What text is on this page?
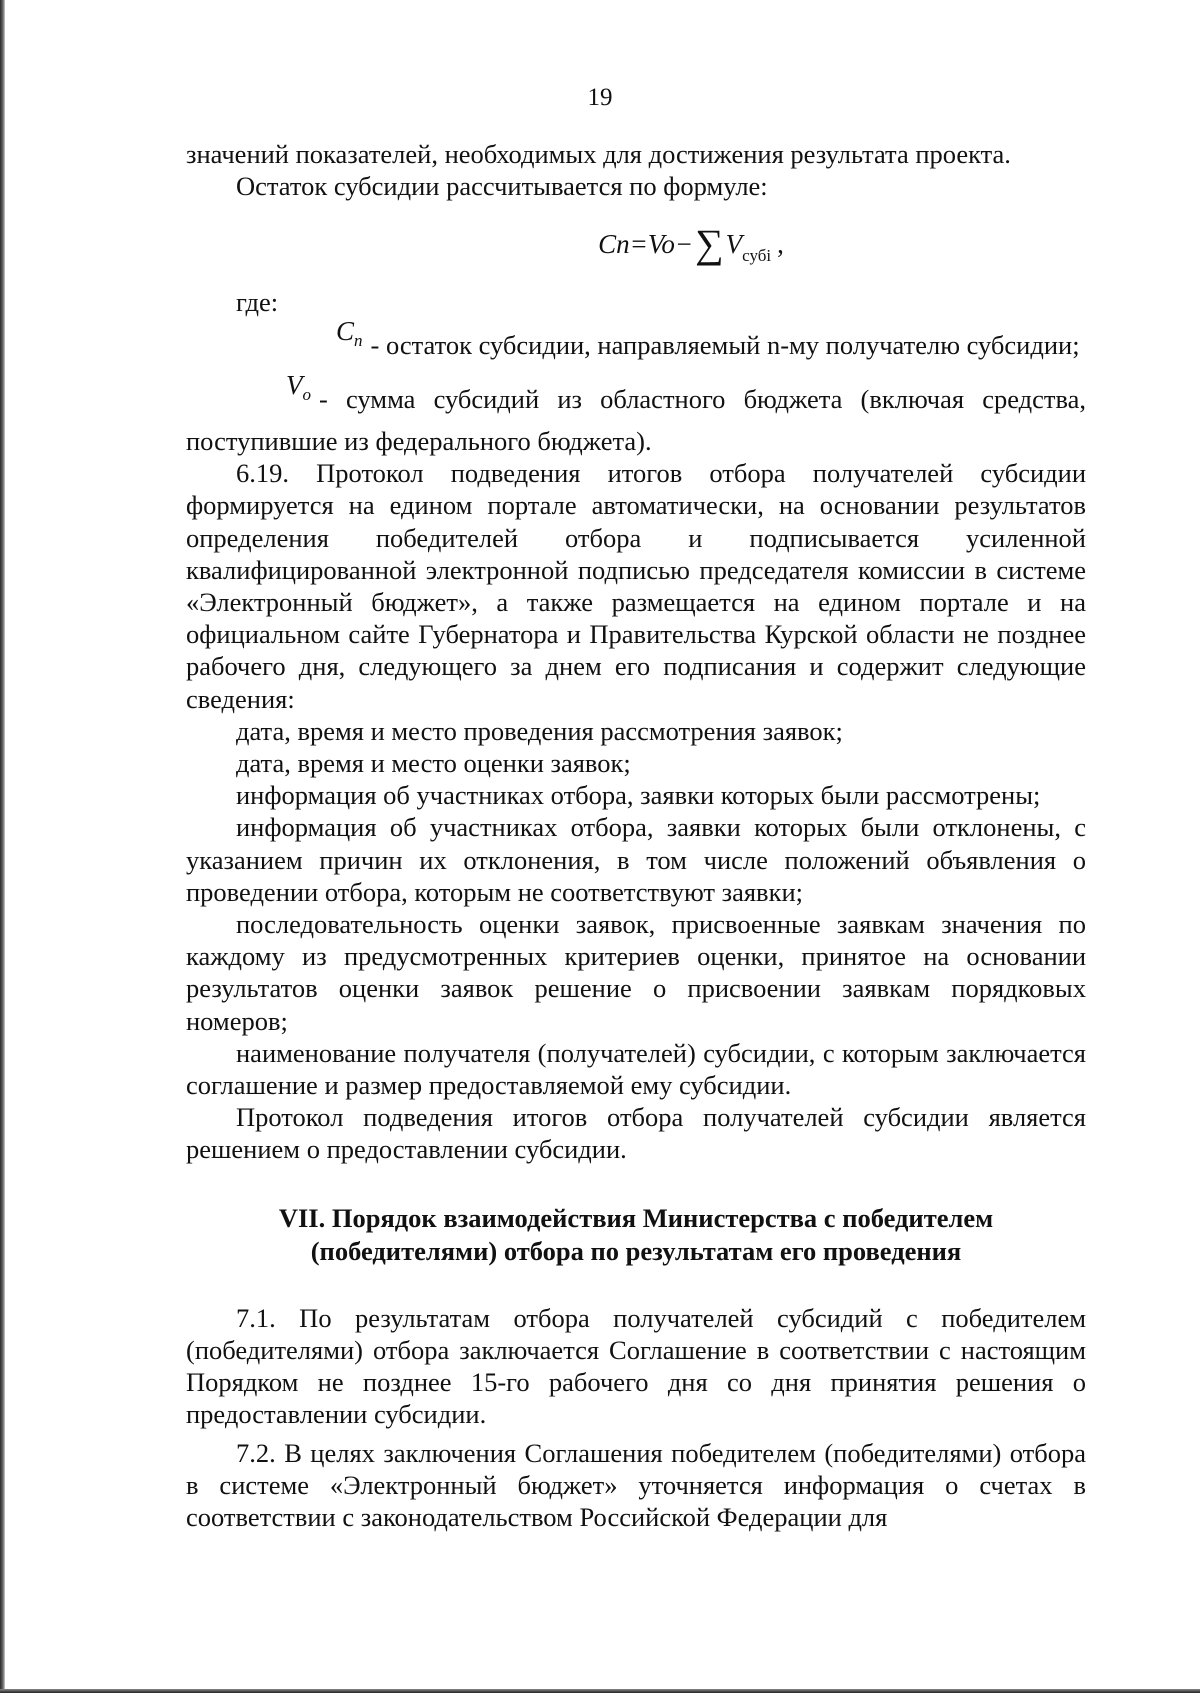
19

значений показателей, необходимых для достижения результата проекта.

Остаток субсидии рассчитывается по формуле:

$Cn=Vo-\sum V_{субi}$ ,

где:

$C_n$ - остаток субсидии, направляемый n-му получателю субсидии;

$V_o$ - сумма субсидий из областного бюджета (включая средства, поступившие из федерального бюджета).

6.19. Протокол подведения итогов отбора получателей субсидии формируется на едином портале автоматически, на основании результатов определения победителей отбора и подписывается усиленной квалифицированной электронной подписью председателя комиссии в системе «Электронный бюджет», а также размещается на едином портале и на официальном сайте Губернатора и Правительства Курской области не позднее рабочего дня, следующего за днем его подписания и содержит следующие сведения:

дата, время и место проведения рассмотрения заявок;

дата, время и место оценки заявок;

информация об участниках отбора, заявки которых были рассмотрены;

информация об участниках отбора, заявки которых были отклонены, с указанием причин их отклонения, в том числе положений объявления о проведении отбора, которым не соответствуют заявки;

последовательность оценки заявок, присвоенные заявкам значения по каждому из предусмотренных критериев оценки, принятое на основании результатов оценки заявок решение о присвоении заявкам порядковых номеров;

наименование получателя (получателей) субсидии, с которым заключается соглашение и размер предоставляемой ему субсидии.

Протокол подведения итогов отбора получателей субсидии является решением о предоставлении субсидии.

VII. Порядок взаимодействия Министерства с победителем
(победителями) отбора по результатам его проведения

7.1. По результатам отбора получателей субсидий с победителем (победителями) отбора заключается Соглашение в соответствии с настоящим Порядком не позднее 15-го рабочего дня со дня принятия решения о предоставлении субсидии.

7.2. В целях заключения Соглашения победителем (победителями) отбора в системе «Электронный бюджет» уточняется информация о счетах в соответствии с законодательством Российской Федерации для
